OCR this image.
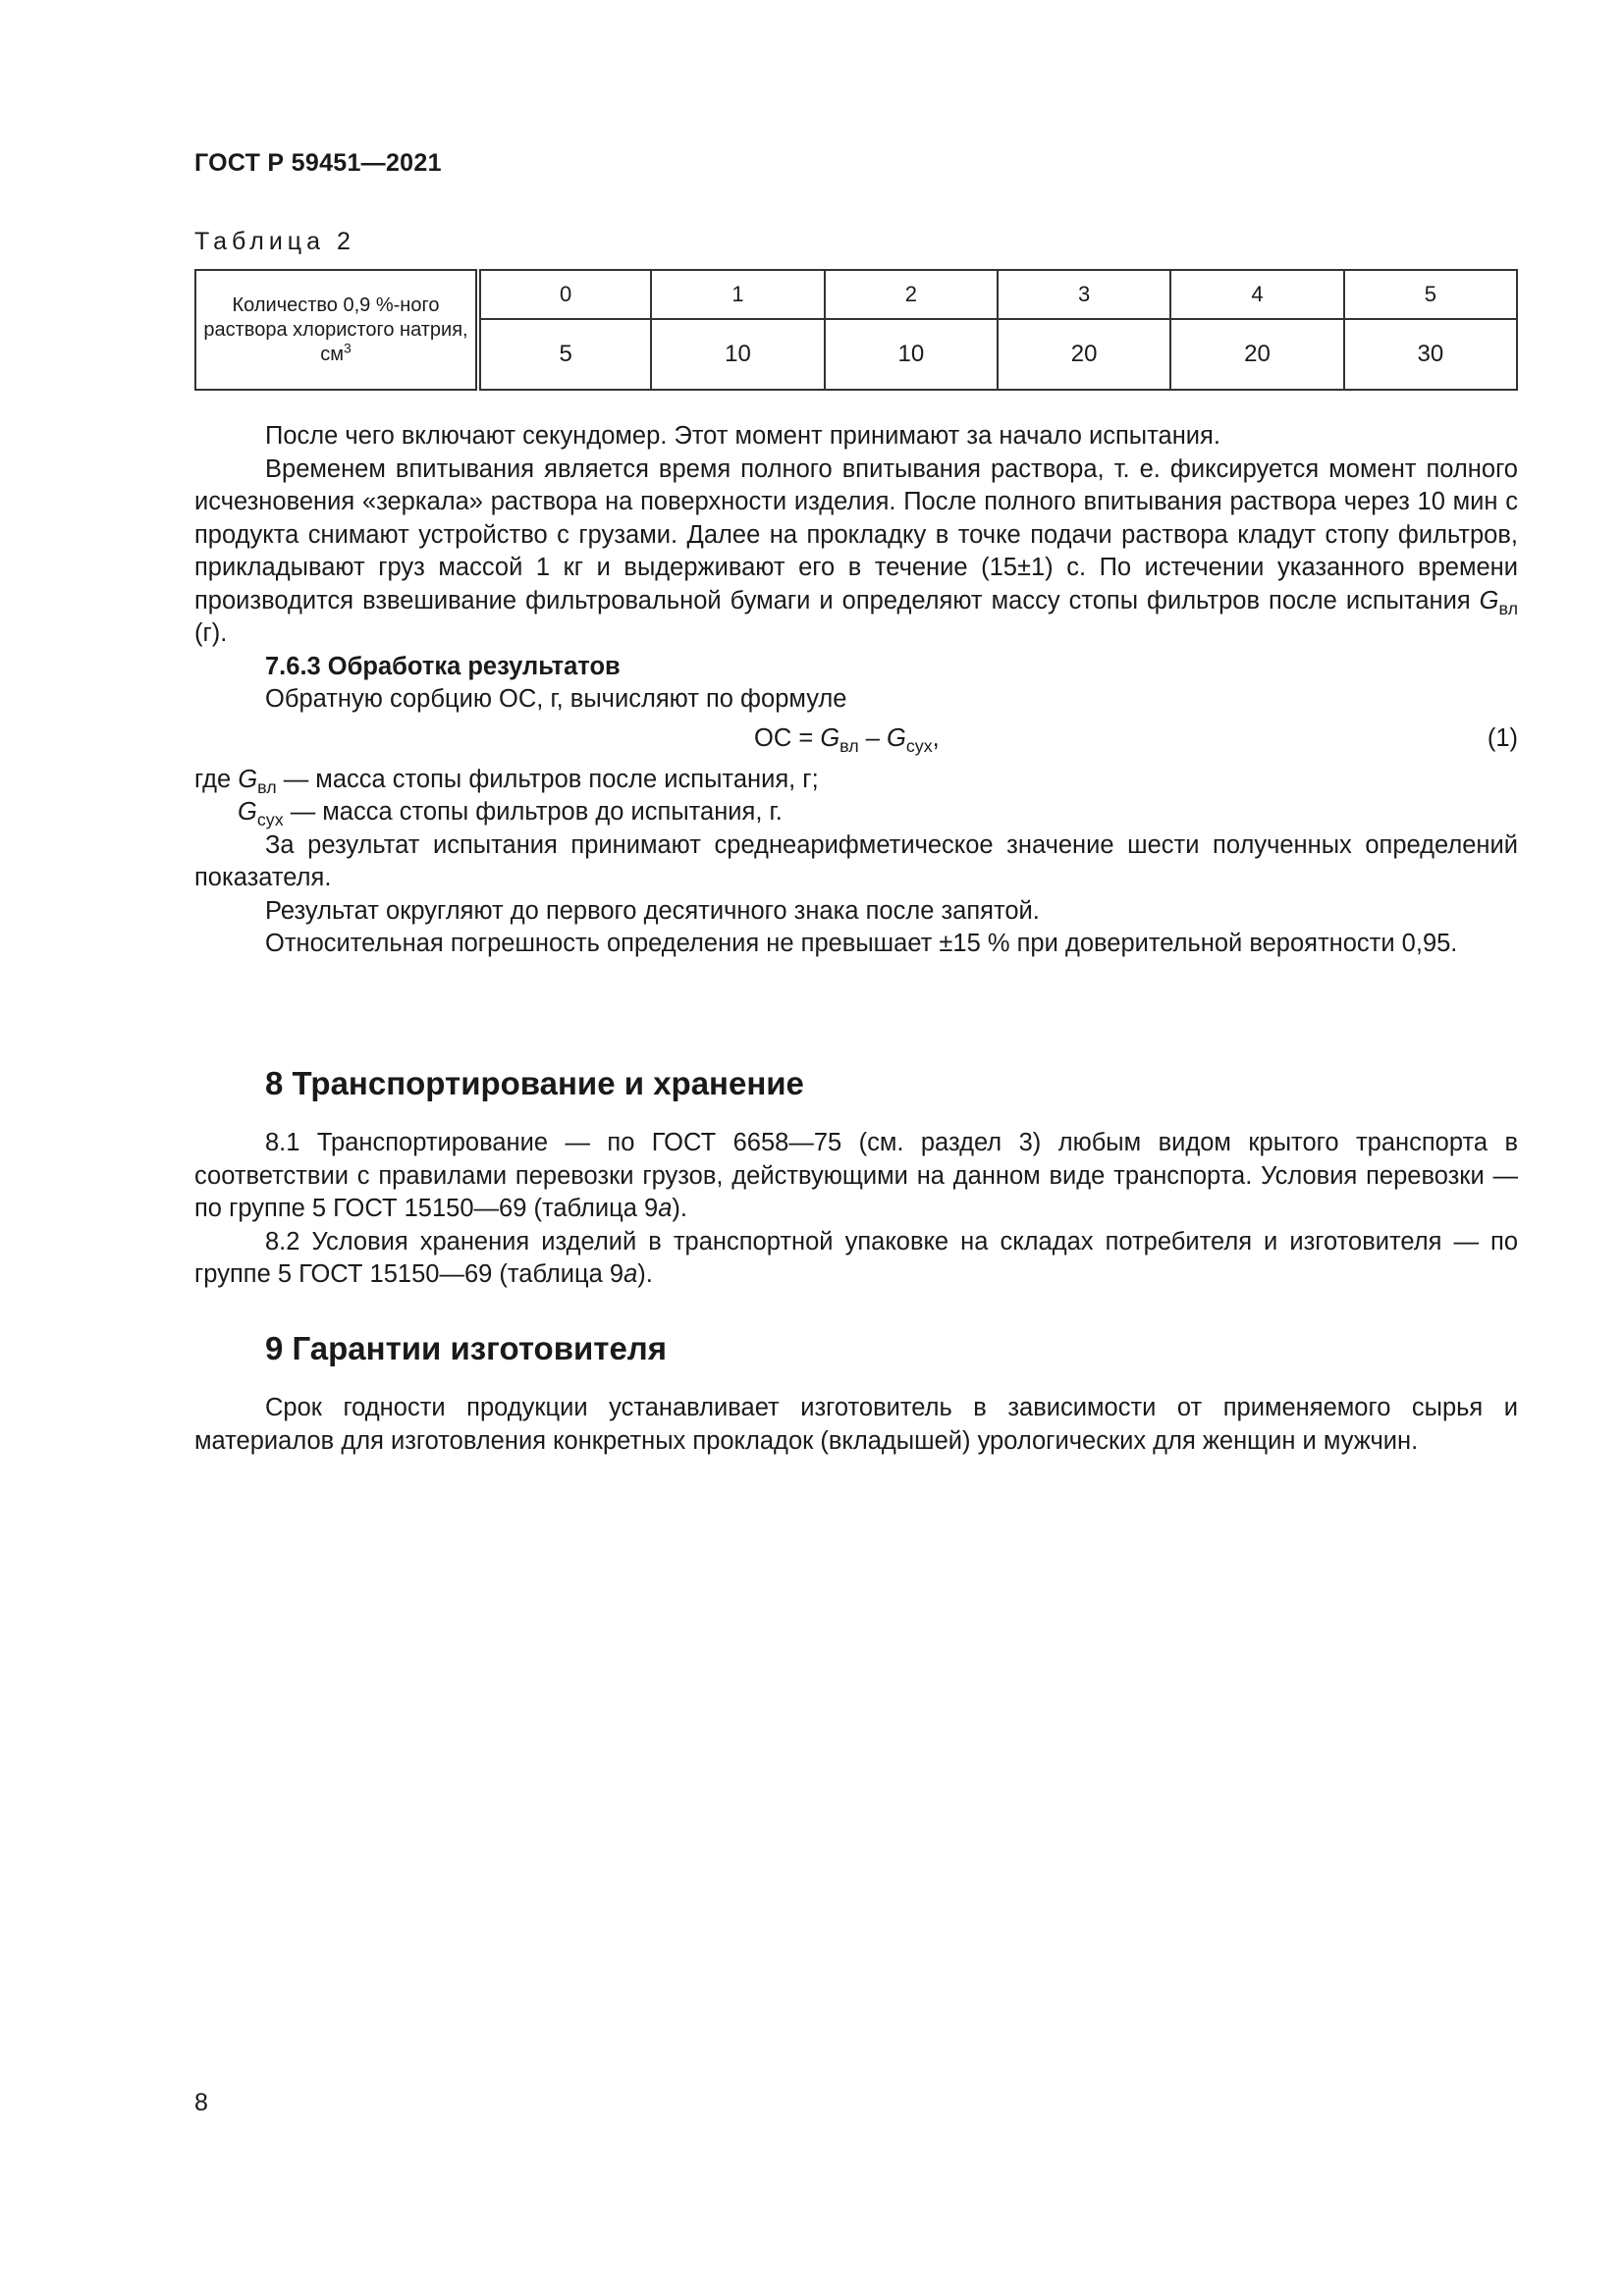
ГОСТ Р 59451—2021
Таблица 2
Количество 0,9 %-ного раствора хлористого натрия, $см^3$	0	1	2	3	4	5
	5	10	10	20	20	30

После чего включают секундомер. Этот момент принимают за начало испытания.

Временем впитывания является время полного впитывания раствора, т. е. фиксируется момент полного исчезновения «зеркала» раствора на поверхности изделия. После полного впитывания раствора через 10 мин с продукта снимают устройство с грузами. Далее на прокладку в точке подачи раствора кладут стопу фильтров, прикладывают груз массой 1 кг и выдерживают его в течение (15±1) с. По истечении указанного времени производится взвешивание фильтровальной бумаги и определяют массу стопы фильтров после испытания $G_{вл}$ (г).

7.6.3 Обработка результатов

Обратную сорбцию ОС, г, вычисляют по формуле

ОС = $G_{вл} - G_{сух}$,	(1)

где $G_{вл}$ — масса стопы фильтров после испытания, г;

$G_{сух}$ — масса стопы фильтров до испытания, г.

За результат испытания принимают среднеарифметическое значение шести полученных определений показателя.

Результат округляют до первого десятичного знака после запятой.

Относительная погрешность определения не превышает ±15 % при доверительной вероятности 0,95.

8 Транспортирование и хранение

8.1 Транспортирование — по ГОСТ 6658—75 (см. раздел 3) любым видом крытого транспорта в соответствии с правилами перевозки грузов, действующими на данном виде транспорта. Условия перевозки — по группе 5 ГОСТ 15150—69 (таблица 9а).

8.2 Условия хранения изделий в транспортной упаковке на складах потребителя и изготовителя — по группе 5 ГОСТ 15150—69 (таблица 9а).

9 Гарантии изготовителя

Срок годности продукции устанавливает изготовитель в зависимости от применяемого сырья и материалов для изготовления конкретных прокладок (вкладышей) урологических для женщин и мужчин.

8
